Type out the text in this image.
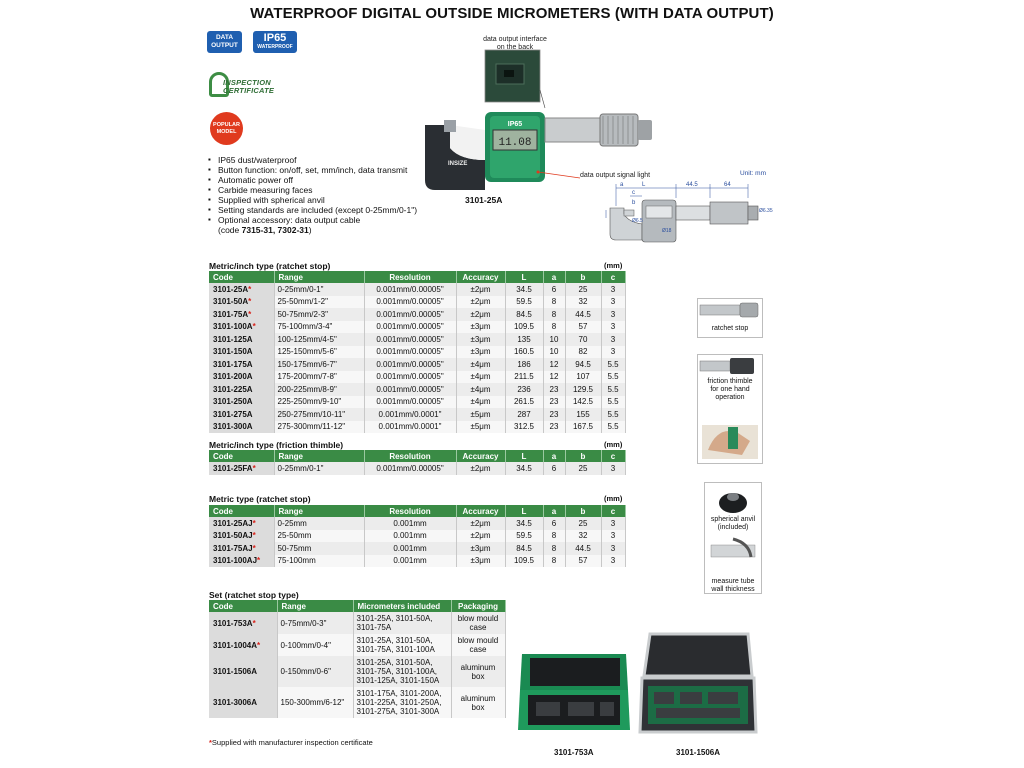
WATERPROOF DIGITAL OUTSIDE MICROMETERS (WITH DATA OUTPUT)
DATA
OUTPUT
IP65
WATERPROOF
INSPECTION
CERTIFICATE
POPULAR
MODEL
▪ IP65 dust/waterproof
▪ Button function: on/off, set, mm/inch, data transmit
▪ Automatic power off
▪ Carbide measuring faces
▪ Supplied with spherical anvil
▪ Setting standards are included (except 0-25mm/0-1")
▪ Optional accessory: data output cable
(code 7315-31, 7302-31)
11.08
IP65
INSIZE
data output interface
on the back
data output signal light
3101-25A
Unit: mm
a	L	44.5	64
c
b
Ø6.5
Ø18
Ø6.35
Metric/inch type (ratchet stop)	(mm)
Code	Range	Resolution	Accuracy	L	a	b	c
3101-25A*	0-25mm/0-1"	0.001mm/0.00005"	±2μm	34.5	6	25	3
3101-50A*	25-50mm/1-2"	0.001mm/0.00005"	±2μm	59.5	8	32	3
3101-75A*	50-75mm/2-3"	0.001mm/0.00005"	±2μm	84.5	8	44.5	3
3101-100A*	75-100mm/3-4"	0.001mm/0.00005"	±3μm	109.5	8	57	3
3101-125A	100-125mm/4-5"	0.001mm/0.00005"	±3μm	135	10	70	3
3101-150A	125-150mm/5-6"	0.001mm/0.00005"	±3μm	160.5	10	82	3
3101-175A	150-175mm/6-7"	0.001mm/0.00005"	±4μm	186	12	94.5	5.5
3101-200A	175-200mm/7-8"	0.001mm/0.00005"	±4μm	211.5	12	107	5.5
3101-225A	200-225mm/8-9"	0.001mm/0.00005"	±4μm	236	23	129.5	5.5
3101-250A	225-250mm/9-10"	0.001mm/0.00005"	±4μm	261.5	23	142.5	5.5
3101-275A	250-275mm/10-11"	0.001mm/0.0001"	±5μm	287	23	155	5.5
3101-300A	275-300mm/11-12"	0.001mm/0.0001"	±5μm	312.5	23	167.5	5.5
Metric/inch type (friction thimble)	(mm)
Code	Range	Resolution	Accuracy	L	a	b	c
3101-25FA*	0-25mm/0-1"	0.001mm/0.00005"	±2μm	34.5	6	25	3
Metric type (ratchet stop)	(mm)
Code	Range	Resolution	Accuracy	L	a	b	c
3101-25AJ*	0-25mm	0.001mm	±2μm	34.5	6	25	3
3101-50AJ*	25-50mm	0.001mm	±2μm	59.5	8	32	3
3101-75AJ*	50-75mm	0.001mm	±3μm	84.5	8	44.5	3
3101-100AJ*	75-100mm	0.001mm	±3μm	109.5	8	57	3
Set (ratchet stop type)
Code	Range	Micrometers included	Packaging
3101-753A*	0-75mm/0-3"	3101-25A, 3101-50A, 3101-75A	blow mould case
3101-1004A*	0-100mm/0-4"	3101-25A, 3101-50A, 3101-75A, 3101-100A	blow mould case
3101-1506A	0-150mm/0-6"	3101-25A, 3101-50A, 3101-75A, 3101-100A, 3101-125A, 3101-150A	aluminum box
3101-3006A	150-300mm/6-12"	3101-175A, 3101-200A, 3101-225A, 3101-250A, 3101-275A, 3101-300A	aluminum box
ratchet stop
friction thimble
for one hand
operation
spherical anvil
(included)
measure tube
wall thickness
*Supplied with manufacturer inspection certificate
3101-753A	3101-1506A
